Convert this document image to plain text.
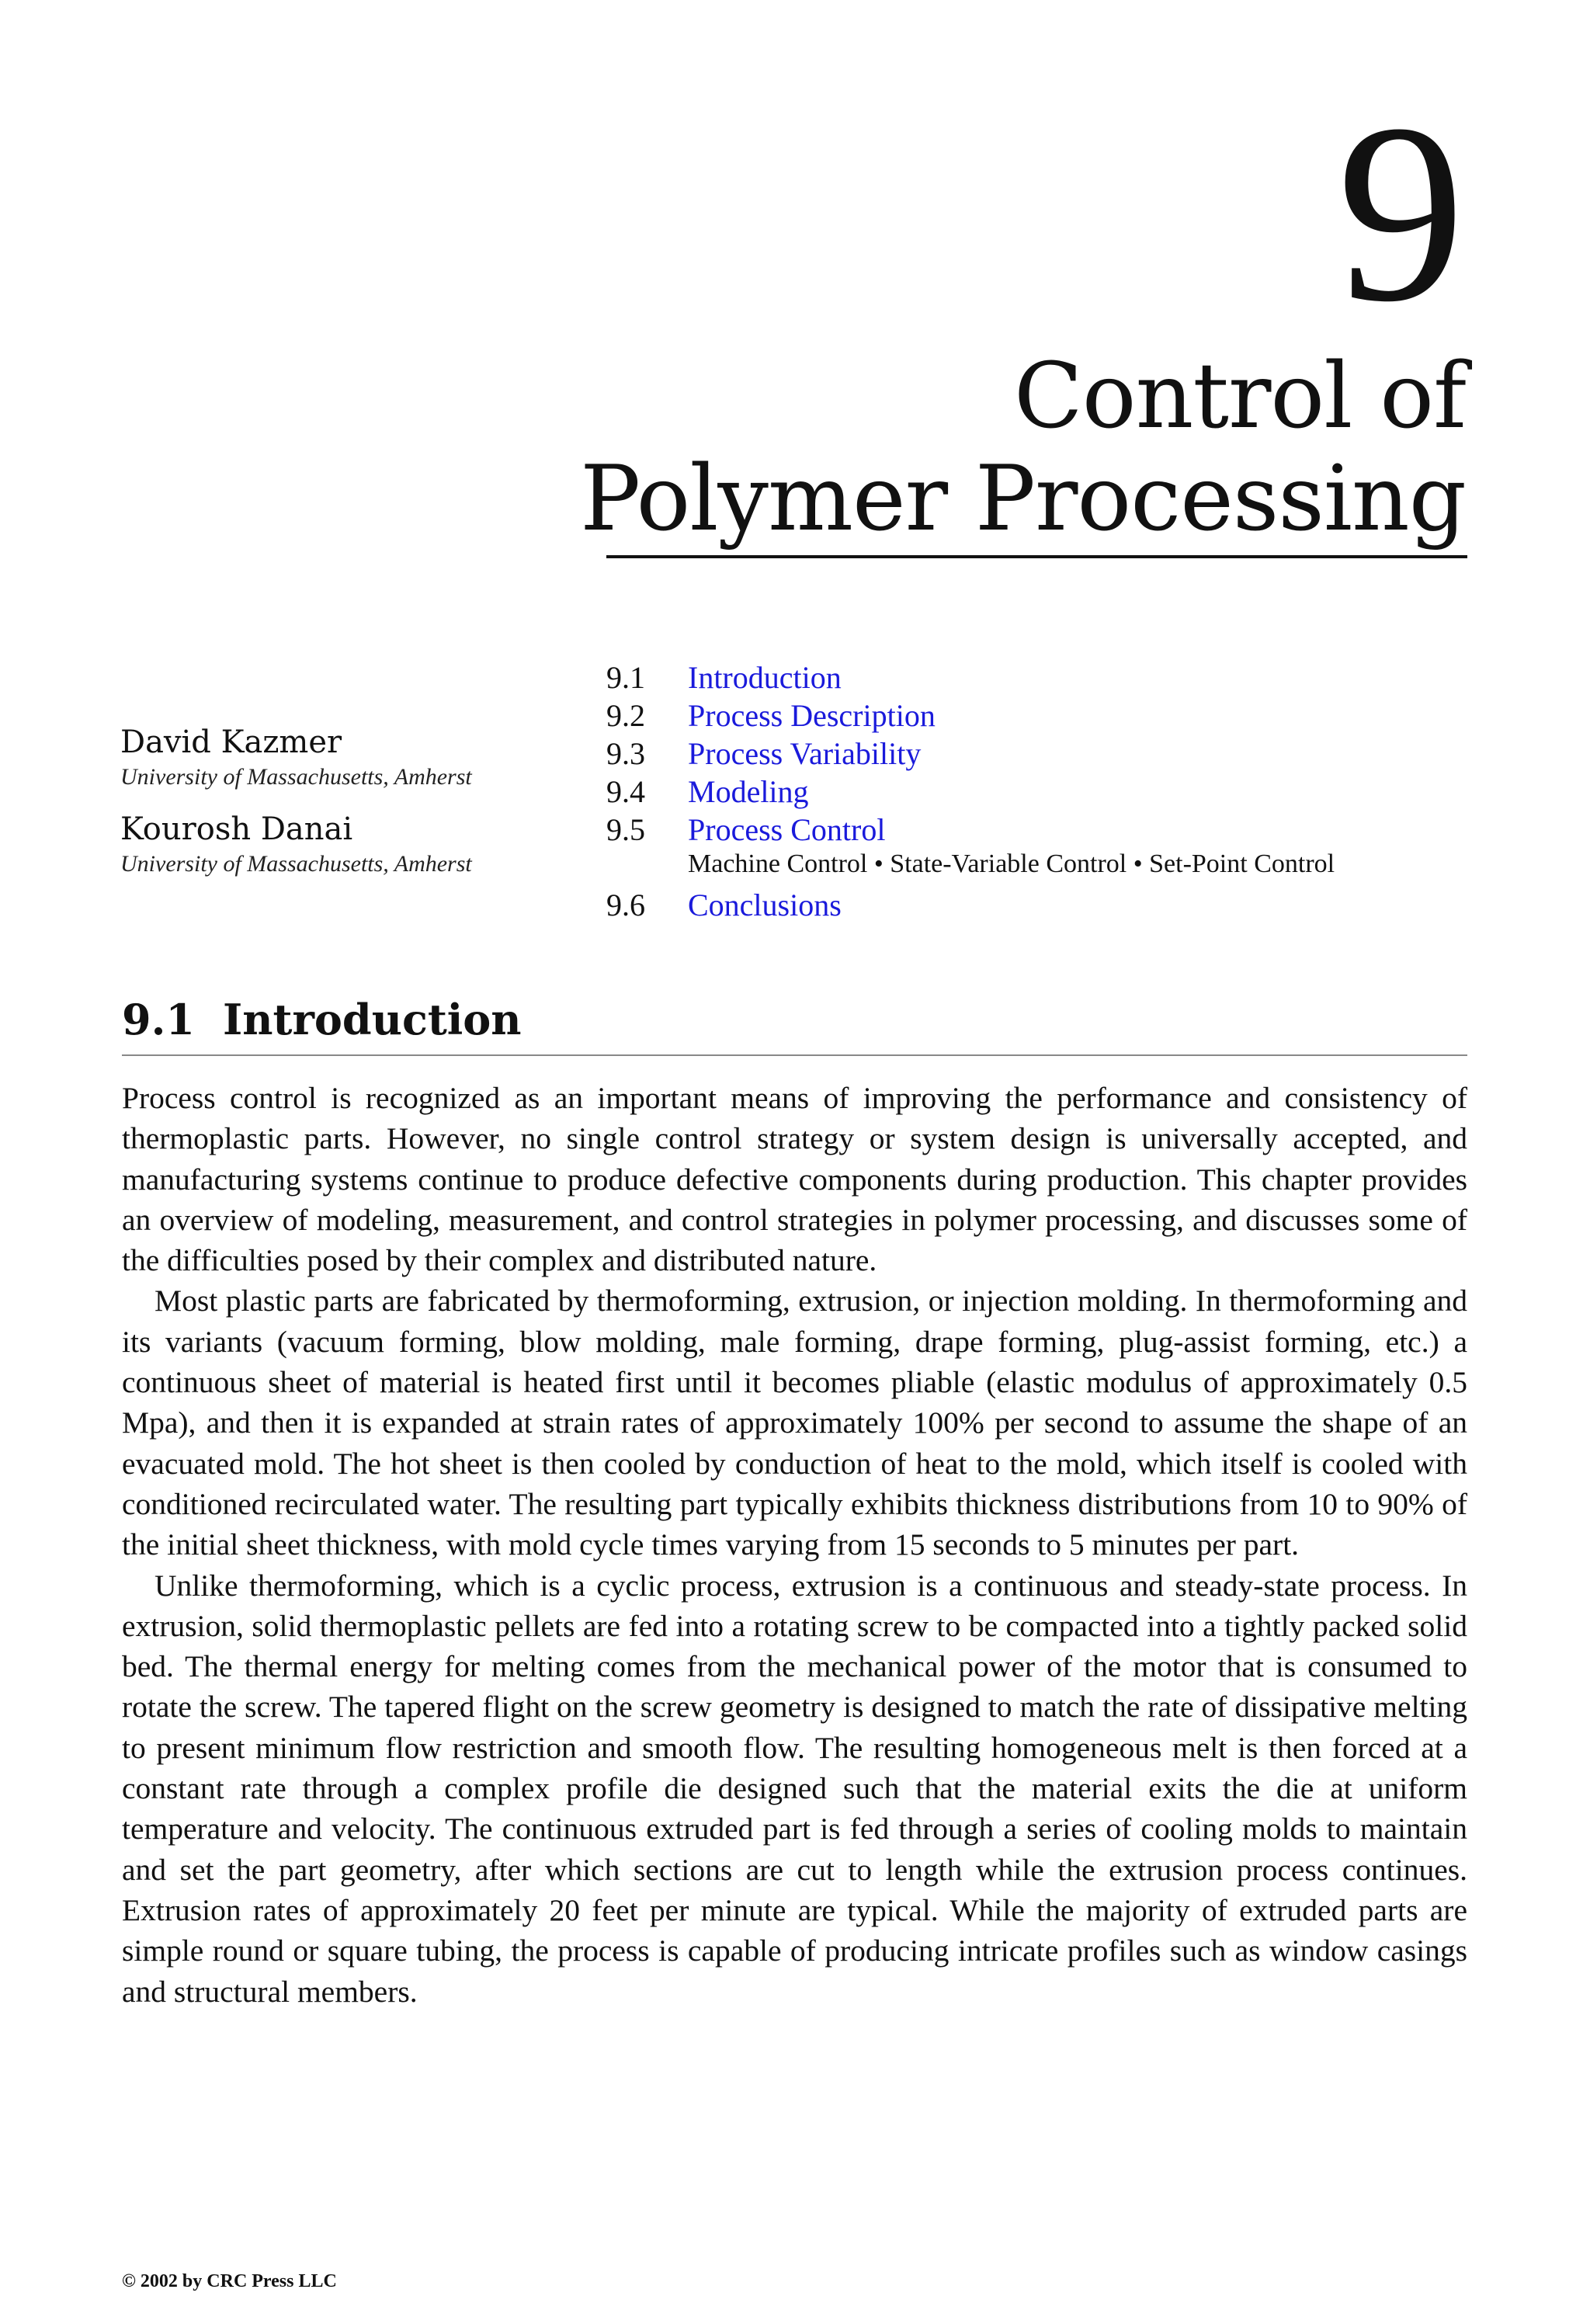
9
Control of
Polymer Processing
David Kazmer
University of Massachusetts, Amherst
Kourosh Danai
University of Massachusetts, Amherst
9.1	Introduction
9.2	Process Description
9.3	Process Variability
9.4	Modeling
9.5	Process Control
Machine Control • State-Variable Control • Set-Point Control
9.6	Conclusions
9.1 Introduction

Process control is recognized as an important means of improving the performance and consistency of thermoplastic parts. However, no single control strategy or system design is universally accepted, and manufacturing systems continue to produce defective components during production. This chapter provides an overview of modeling, measurement, and control strategies in polymer processing, and discusses some of the difficulties posed by their complex and distributed nature.

Most plastic parts are fabricated by thermoforming, extrusion, or injection molding. In thermoforming and its variants (vacuum forming, blow molding, male forming, drape forming, plug-assist forming, etc.) a continuous sheet of material is heated first until it becomes pliable (elastic modulus of approximately 0.5 Mpa), and then it is expanded at strain rates of approximately 100% per second to assume the shape of an evacuated mold. The hot sheet is then cooled by conduction of heat to the mold, which itself is cooled with conditioned recirculated water. The resulting part typically exhibits thickness distributions from 10 to 90% of the initial sheet thickness, with mold cycle times varying from 15 seconds to 5 minutes per part.

Unlike thermoforming, which is a cyclic process, extrusion is a continuous and steady-state process. In extrusion, solid thermoplastic pellets are fed into a rotating screw to be compacted into a tightly packed solid bed. The thermal energy for melting comes from the mechanical power of the motor that is consumed to rotate the screw. The tapered flight on the screw geometry is designed to match the rate of dissipative melting to present minimum flow restriction and smooth flow. The resulting homogeneous melt is then forced at a constant rate through a complex profile die designed such that the material exits the die at uniform temperature and velocity. The continuous extruded part is fed through a series of cooling molds to maintain and set the part geometry, after which sections are cut to length while the extrusion process continues. Extrusion rates of approximately 20 feet per minute are typical. While the majority of extruded parts are simple round or square tubing, the process is capable of producing intricate profiles such as window casings and structural members.

© 2002 by CRC Press LLC
